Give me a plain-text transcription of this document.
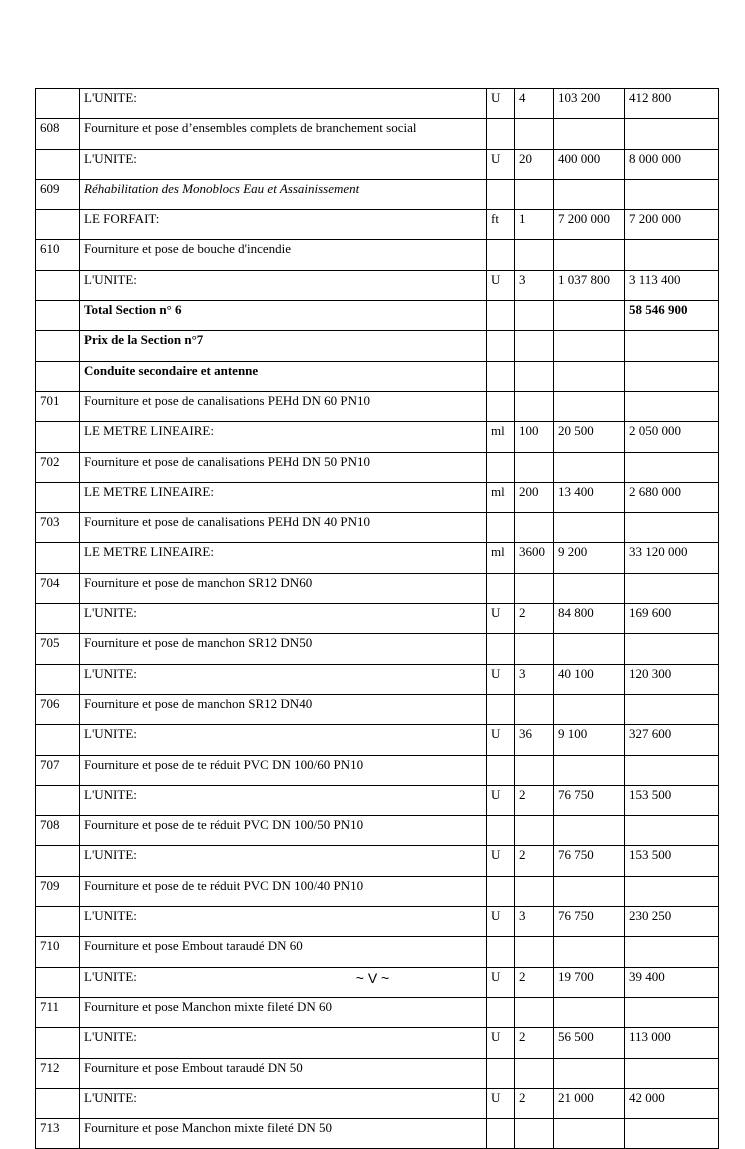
	L'UNITE:	U	4	103 200	412 800
608	Fourniture et pose d’ensembles complets de branchement social				
	L'UNITE:	U	20	400 000	8 000 000
609	Réhabilitation des Monoblocs Eau et Assainissement				
	LE FORFAIT:	ft	1	7 200 000	7 200 000
610	Fourniture et pose de bouche d'incendie				
	L'UNITE:	U	3	1 037 800	3 113 400
	Total Section n° 6				58 546 900
	Prix de la Section n°7				
	Conduite secondaire et antenne				
701	Fourniture et pose de canalisations PEHd DN 60 PN10				
	LE METRE LINEAIRE:	ml	100	20 500	2 050 000
702	Fourniture et pose de canalisations PEHd DN 50 PN10				
	LE METRE LINEAIRE:	ml	200	13 400	2 680 000
703	Fourniture et pose de canalisations PEHd DN 40 PN10				
	LE METRE LINEAIRE:	ml	3600	9 200	33 120 000
704	Fourniture et pose de manchon SR12 DN60				
	L'UNITE:	U	2	84 800	169 600
705	Fourniture et pose de manchon SR12 DN50				
	L'UNITE:	U	3	40 100	120 300
706	Fourniture et pose de manchon SR12 DN40				
	L'UNITE:	U	36	9 100	327 600
707	Fourniture et pose de te réduit PVC DN 100/60 PN10				
	L'UNITE:	U	2	76 750	153 500
708	Fourniture et pose de te réduit PVC DN 100/50 PN10				
	L'UNITE:	U	2	76 750	153 500
709	Fourniture et pose de te réduit PVC DN 100/40 PN10				
	L'UNITE:	U	3	76 750	230 250
710	Fourniture et pose Embout taraudé DN 60				
	L'UNITE:	U	2	19 700	39 400
711	Fourniture et pose Manchon mixte fileté DN 60				
	L'UNITE:	U	2	56 500	113 000
712	Fourniture et pose Embout taraudé DN 50				
	L'UNITE:	U	2	21 000	42 000
713	Fourniture et pose Manchon mixte fileté DN 50				
~ V ~
